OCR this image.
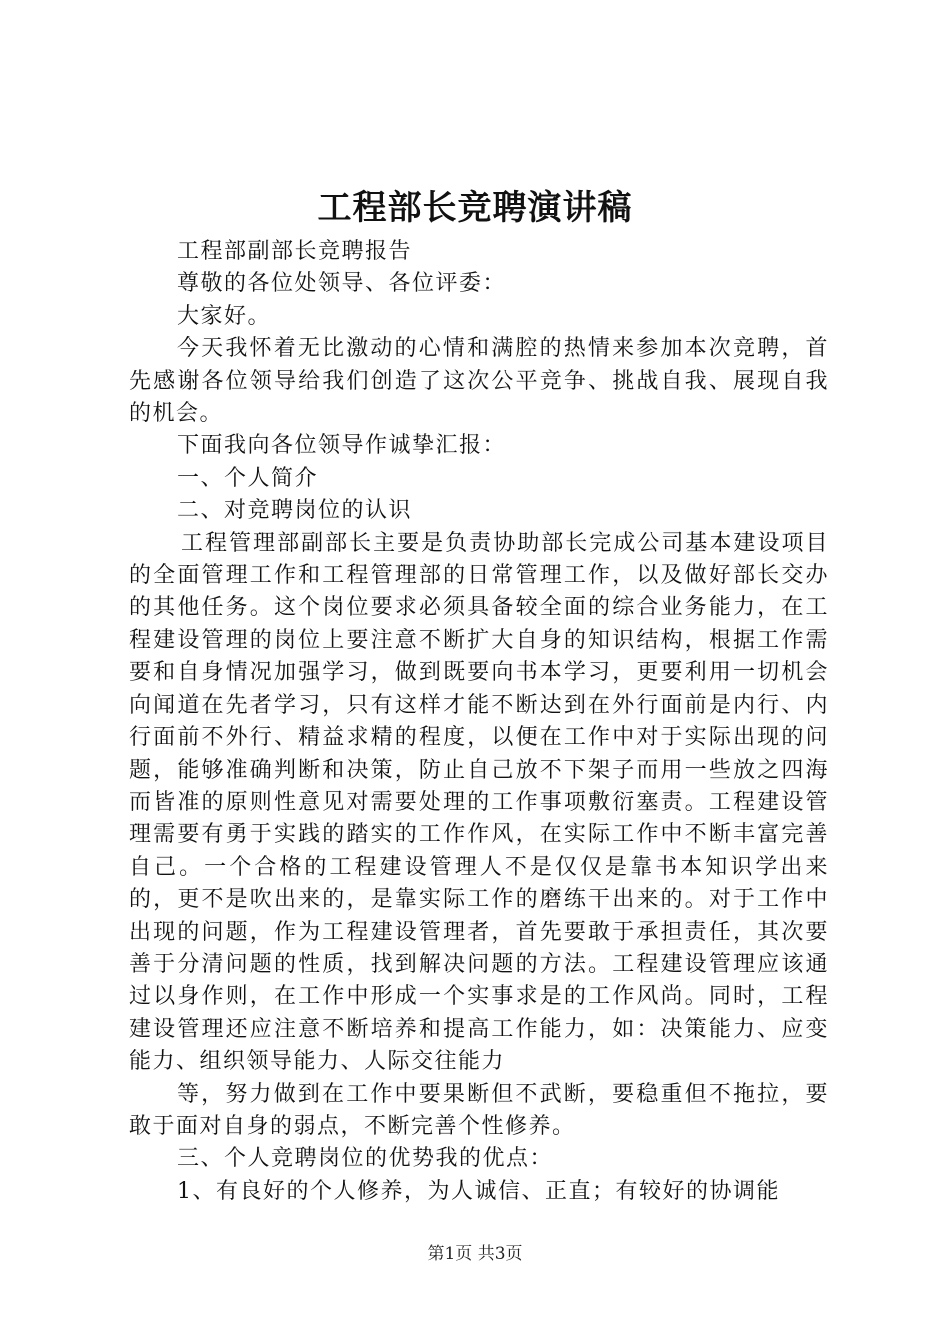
工程部长竞聘演讲稿

工程部副部长竞聘报告

尊敬的各位处领导、各位评委：

大家好。

今天我怀着无比激动的心情和满腔的热情来参加本次竞聘，首先感谢各位领导给我们创造了这次公平竞争、挑战自我、展现自我的机会。

下面我向各位领导作诚挚汇报：

一、个人简介

二、对竞聘岗位的认识

工程管理部副部长主要是负责协助部长完成公司基本建设项目的全面管理工作和工程管理部的日常管理工作，以及做好部长交办的其他任务。这个岗位要求必须具备较全面的综合业务能力，在工程建设管理的岗位上要注意不断扩大自身的知识结构，根据工作需要和自身情况加强学习，做到既要向书本学习，更要利用一切机会向闻道在先者学习，只有这样才能不断达到在外行面前是内行、内行面前不外行、精益求精的程度，以便在工作中对于实际出现的问题，能够准确判断和决策，防止自己放不下架子而用一些放之四海而皆准的原则性意见对需要处理的工作事项敷衍塞责。工程建设管理需要有勇于实践的踏实的工作作风，在实际工作中不断丰富完善自己。一个合格的工程建设管理人不是仅仅是靠书本知识学出来的，更不是吹出来的，是靠实际工作的磨练干出来的。对于工作中出现的问题，作为工程建设管理者，首先要敢于承担责任，其次要善于分清问题的性质，找到解决问题的方法。工程建设管理应该通过以身作则，在工作中形成一个实事求是的工作风尚。同时，工程建设管理还应注意不断培养和提高工作能力，如：决策能力、应变能力、组织领导能力、人际交往能力

等，努力做到在工作中要果断但不武断，要稳重但不拖拉，要敢于面对自身的弱点，不断完善个性修养。

三、个人竞聘岗位的优势我的优点：

1、有良好的个人修养，为人诚信、正直；有较好的协调能

第1页 共3页
